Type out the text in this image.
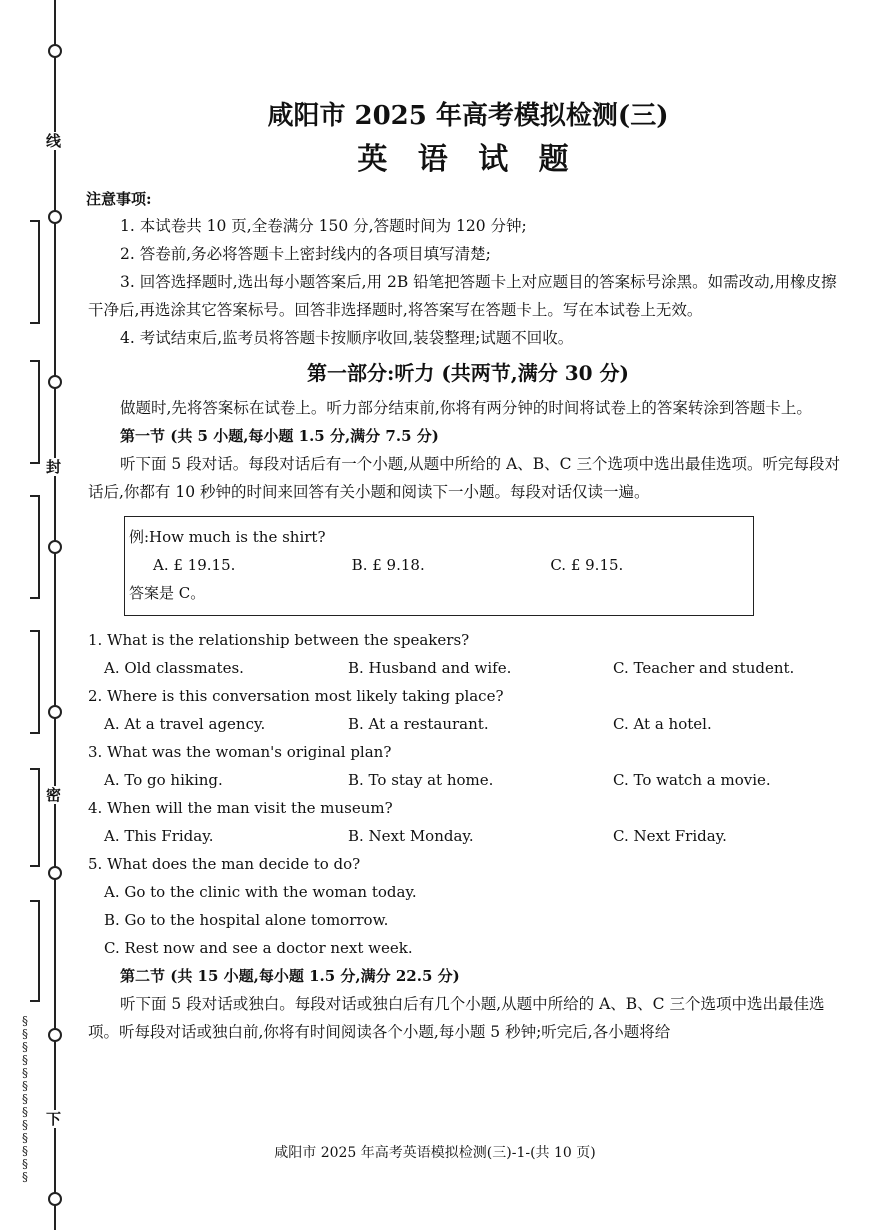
线
封
密
下
§§§§§§§§§§§§§
咸阳市 2025 年高考模拟检测(三)
英 语 试 题
注意事项:

1. 本试卷共 10 页,全卷满分 150 分,答题时间为 120 分钟;

2. 答卷前,务必将答题卡上密封线内的各项目填写清楚;

3. 回答选择题时,选出每小题答案后,用 2B 铅笔把答题卡上对应题目的答案标号涂黑。如需改动,用橡皮擦干净后,再选涂其它答案标号。回答非选择题时,将答案写在答题卡上。写在本试卷上无效。

4. 考试结束后,监考员将答题卡按顺序收回,装袋整理;试题不回收。

第一部分:听力 (共两节,满分 30 分)

做题时,先将答案标在试卷上。听力部分结束前,你将有两分钟的时间将试卷上的答案转涂到答题卡上。

第一节 (共 5 小题,每小题 1.5 分,满分 7.5 分)

听下面 5 段对话。每段对话后有一个小题,从题中所给的 A、B、C 三个选项中选出最佳选项。听完每段对话后,你都有 10 秒钟的时间来回答有关小题和阅读下一小题。每段对话仅读一遍。

例:How much is the shirt?
A. £ 19.15.	B. £ 9.18.	C. £ 9.15.
答案是 C。

1. What is the relationship between the speakers?

A. Old classmates.	B. Husband and wife.	C. Teacher and student.

2. Where is this conversation most likely taking place?

A. At a travel agency.	B. At a restaurant.	C. At a hotel.

3. What was the woman's original plan?

A. To go hiking.	B. To stay at home.	C. To watch a movie.

4. When will the man visit the museum?

A. This Friday.	B. Next Monday.	C. Next Friday.

5. What does the man decide to do?

A. Go to the clinic with the woman today.

B. Go to the hospital alone tomorrow.

C. Rest now and see a doctor next week.

第二节 (共 15 小题,每小题 1.5 分,满分 22.5 分)

听下面 5 段对话或独白。每段对话或独白后有几个小题,从题中所给的 A、B、C 三个选项中选出最佳选项。听每段对话或独白前,你将有时间阅读各个小题,每小题 5 秒钟;听完后,各小题将给

咸阳市 2025 年高考英语模拟检测(三)-1-(共 10 页)
